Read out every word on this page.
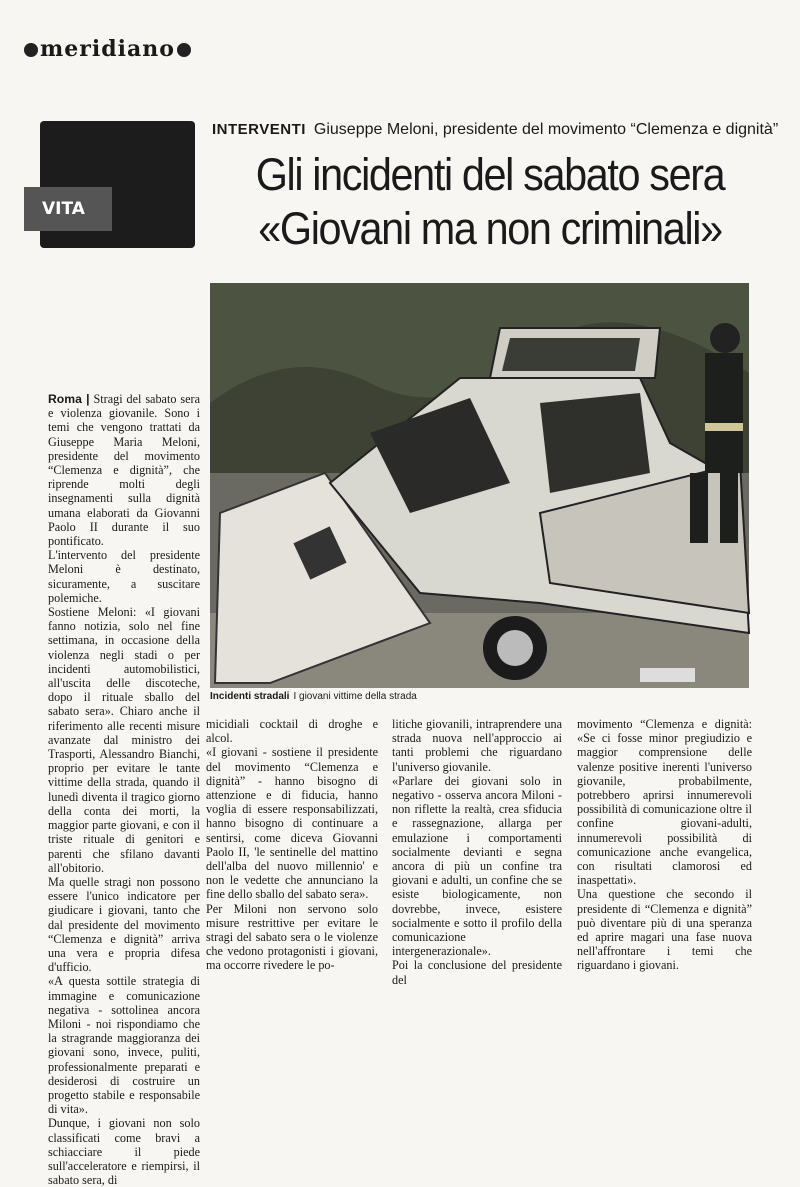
meridiano
VITA
INTERVENTI Giuseppe Meloni, presidente del movimento “Clemenza e dignità”
Gli incidenti del sabato sera
«Giovani ma non criminali»
Incidenti stradali I giovani vittime della strada

Roma | Stragi del sabato sera e violenza giovanile. Sono i temi che vengono trattati da Giuseppe Maria Meloni, presidente del movimento “Clemenza e dignità”, che riprende molti degli insegnamenti sulla dignità umana elaborati da Giovanni Paolo II durante il suo pontificato.

L'intervento del presidente Meloni è destinato, sicuramente, a suscitare polemiche.

Sostiene Meloni: «I giovani fanno notizia, solo nel fine settimana, in occasione della violenza negli stadi o per incidenti automobilistici, all'uscita delle discoteche, dopo il rituale sballo del sabato sera». Chiaro anche il riferimento alle recenti misure avanzate dal ministro dei Trasporti, Alessandro Bianchi, proprio per evitare le tante vittime della strada, quando il lunedì diventa il tragico giorno della conta dei morti, la maggior parte giovani, e con il triste rituale di genitori e parenti che sfilano davanti all'obitorio.

Ma quelle stragi non possono essere l'unico indicatore per giudicare i giovani, tanto che dal presidente del movimento “Clemenza e dignità” arriva una vera e propria difesa d'ufficio.

«A questa sottile strategia di immagine e comunicazione negativa - sottolinea ancora Miloni - noi rispondiamo che la stragrande maggioranza dei giovani sono, invece, puliti, professionalmente preparati e desiderosi di costruire un progetto stabile e responsabile di vita».

Dunque, i giovani non solo classificati come bravi a schiacciare il piede sull'acceleratore e riempirsi, il sabato sera, di

micidiali cocktail di droghe e alcol.

«I giovani - sostiene il presidente del movimento “Clemenza e dignità” - hanno bisogno di attenzione e di fiducia, hanno voglia di essere responsabilizzati, hanno bisogno di continuare a sentirsi, come diceva Giovanni Paolo II, 'le sentinelle del mattino dell'alba del nuovo millennio' e non le vedette che annunciano la fine dello sballo del sabato sera».

Per Miloni non servono solo misure restrittive per evitare le stragi del sabato sera o le violenze che vedono protagonisti i giovani, ma occorre rivedere le po-

litiche giovanili, intraprendere una strada nuova nell'approccio ai tanti problemi che riguardano l'universo giovanile.

«Parlare dei giovani solo in negativo - osserva ancora Miloni - non riflette la realtà, crea sfiducia e rassegnazione, allarga per emulazione i comportamenti socialmente devianti e segna ancora di più un confine tra giovani e adulti, un confine che se esiste biologicamente, non dovrebbe, invece, esistere socialmente e sotto il profilo della comunicazione intergenerazionale».

Poi la conclusione del presidente del

movimento “Clemenza e dignità: «Se ci fosse minor pregiudizio e maggior comprensione delle valenze positive inerenti l'universo giovanile, probabilmente, potrebbero aprirsi innumerevoli possibilità di comunicazione oltre il confine giovani-adulti, innumerevoli possibilità di comunicazione anche evangelica, con risultati clamorosi ed inaspettati».

Una questione che secondo il presidente di “Clemenza e dignità” può diventare più di una speranza ed aprire magari una fase nuova nell'affrontare i temi che riguardano i giovani.
